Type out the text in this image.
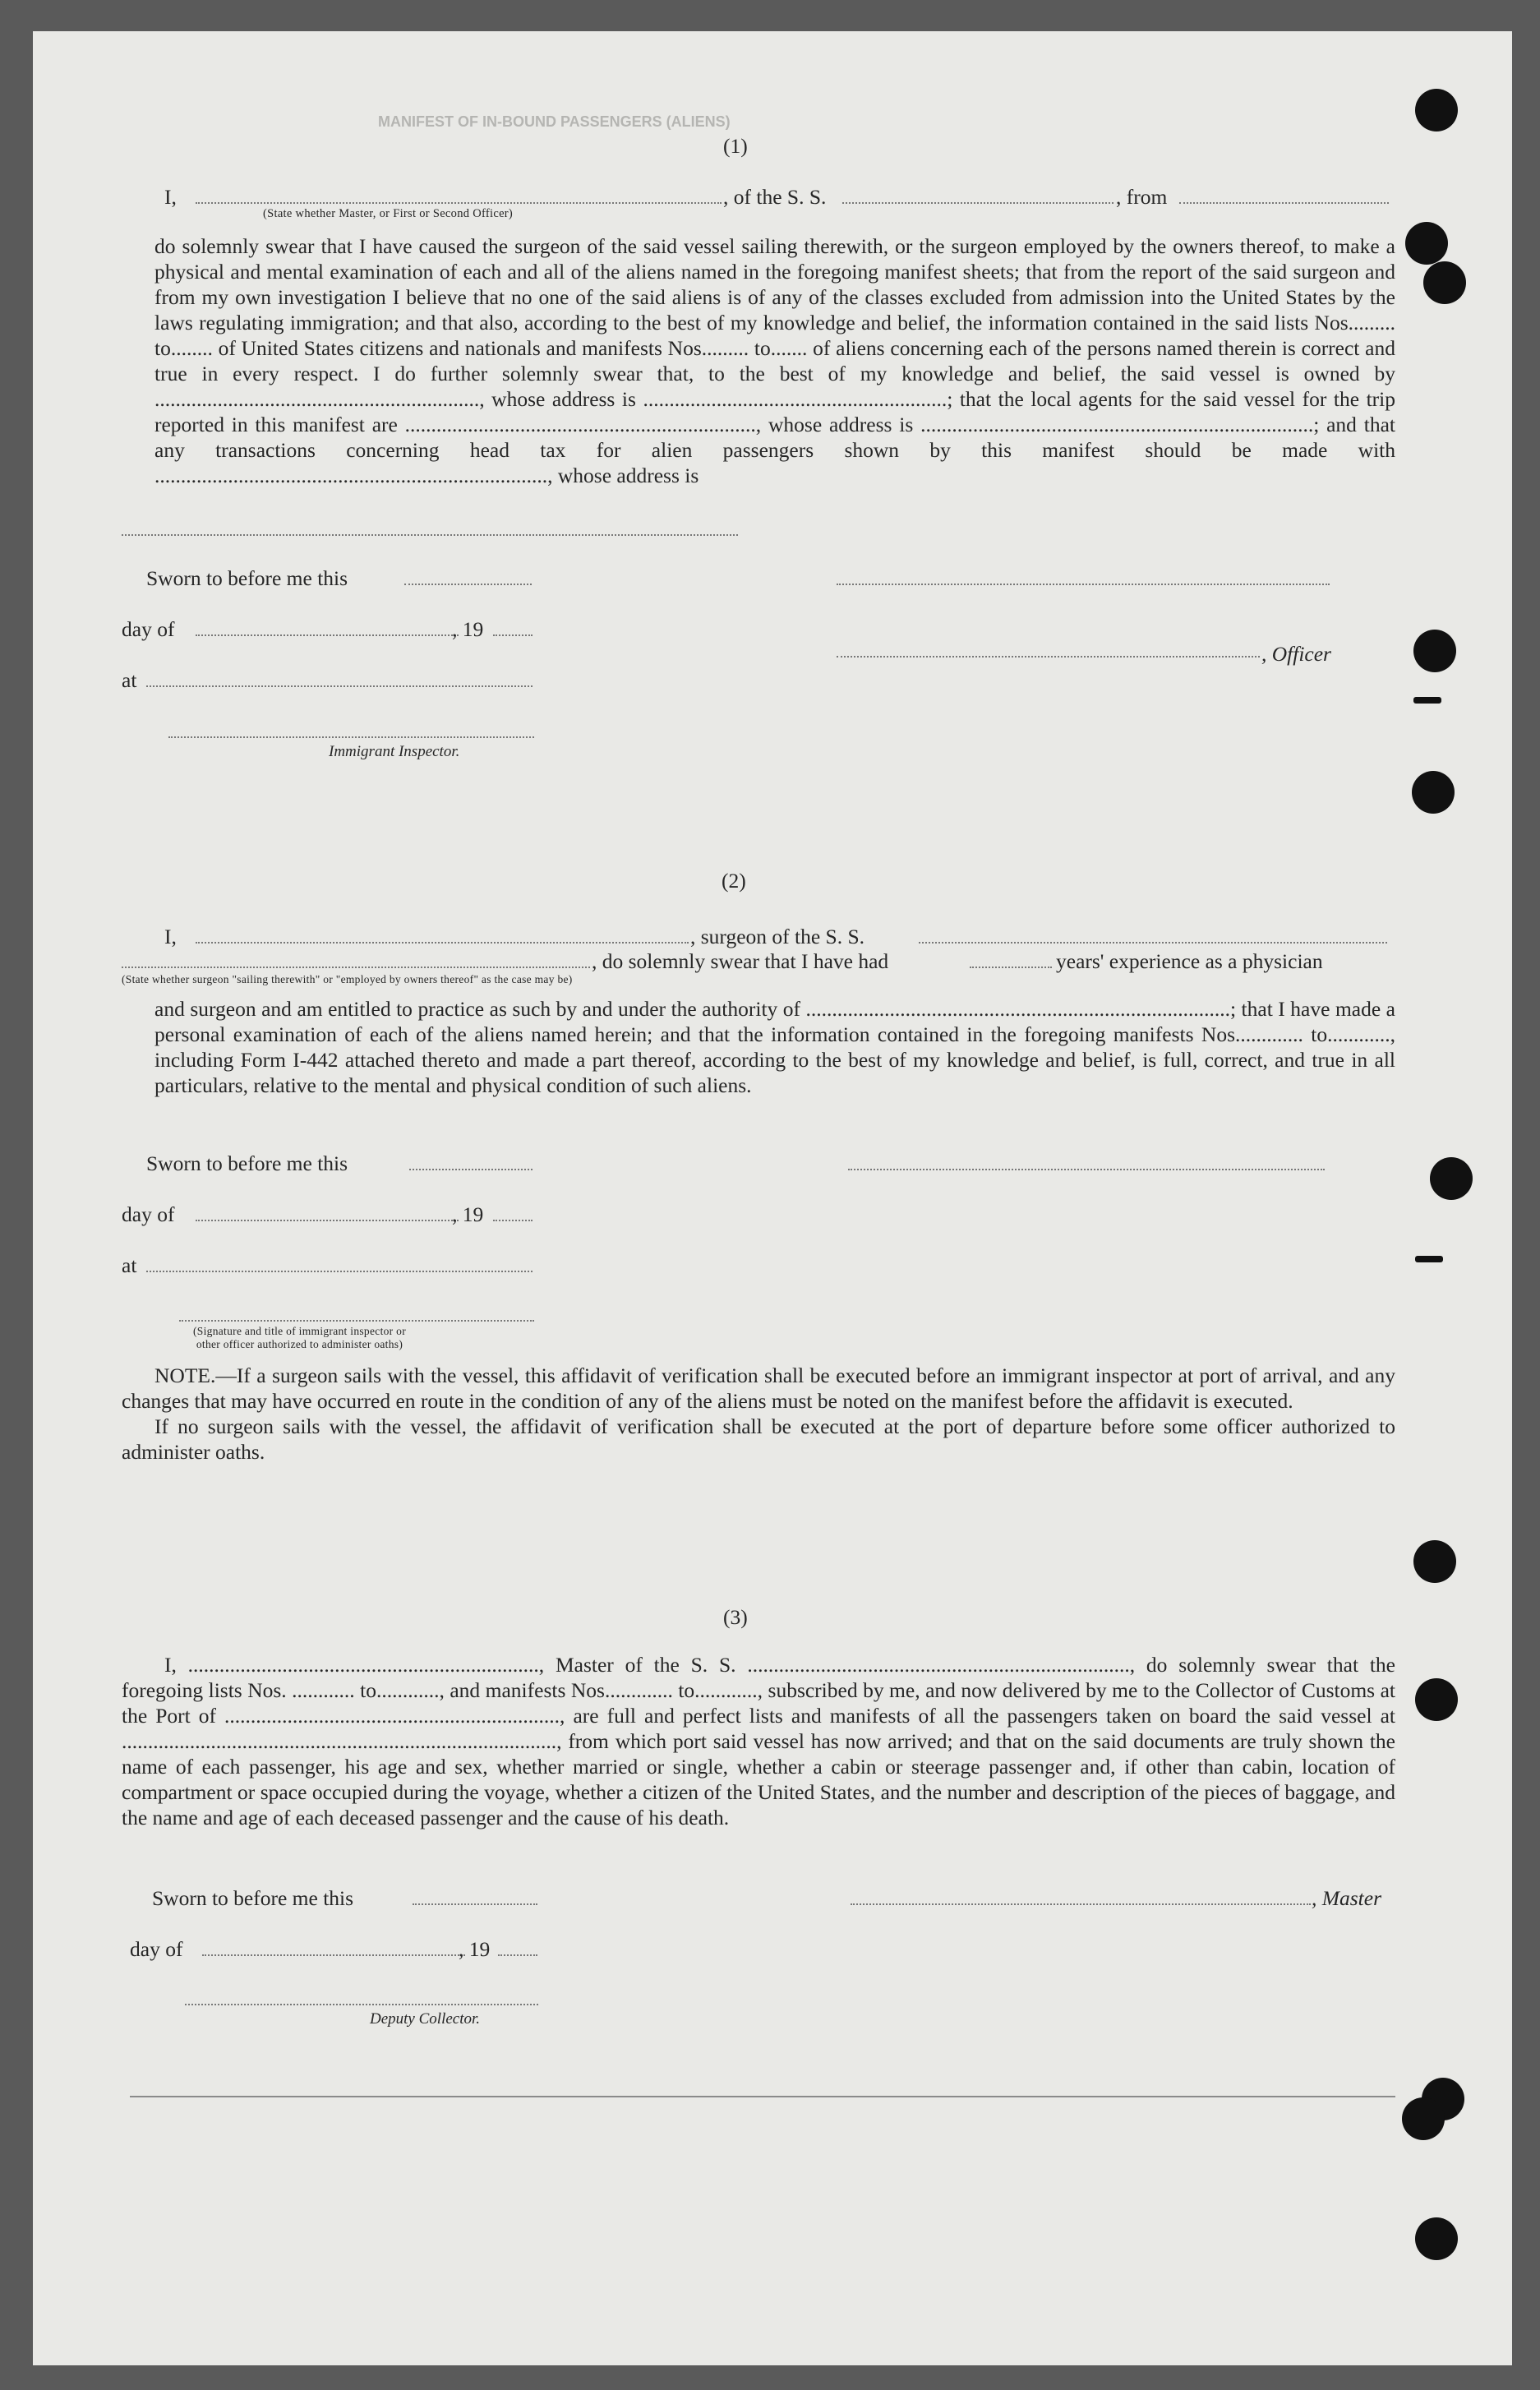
MANIFEST OF IN-BOUND PASSENGERS (ALIENS)
(1)
I,	, of the S. S.	, from
(State whether Master, or First or Second Officer)

do solemnly swear that I have caused the surgeon of the said vessel sailing therewith, or the surgeon employed by the owners thereof, to make a physical and mental examination of each and all of the aliens named in the foregoing manifest sheets; that from the report of the said surgeon and from my own investigation I believe that no one of the said aliens is of any of the classes excluded from admission into the United States by the laws regulating immigration; and that also, according to the best of my knowledge and belief, the information contained in the said lists Nos......... to........ of United States citizens and nationals and manifests Nos......... to....... of aliens concerning each of the persons named therein is correct and true in every respect. I do further solemnly swear that, to the best of my knowledge and belief, the said vessel is owned by .............................................................., whose address is ..........................................................; that the local agents for the said vessel for the trip reported in this manifest are ..................................................................., whose address is ...........................................................................; and that any transactions concerning head tax for alien passengers shown by this manifest should be made with ..........................................................................., whose address is

Sworn to before me this
day of	, 19
, Officer
at
Immigrant Inspector.
(2)
I,	, surgeon of the S. S.
, do solemnly swear that I have had	years' experience as a physician
(State whether surgeon "sailing therewith" or "employed by owners thereof" as the case may be)

and surgeon and am entitled to practice as such by and under the authority of .................................................................................; that I have made a personal examination of each of the aliens named herein; and that the information contained in the foregoing manifests Nos............. to............, including Form I-442 attached thereto and made a part thereof, according to the best of my knowledge and belief, is full, correct, and true in all particulars, relative to the mental and physical condition of such aliens.

Sworn to before me this
day of	, 19
at
(Signature and title of immigrant inspector or
other officer authorized to administer oaths)

NOTE.—If a surgeon sails with the vessel, this affidavit of verification shall be executed before an immigrant inspector at port of arrival, and any changes that may have occurred en route in the condition of any of the aliens must be noted on the manifest before the affidavit is executed.

If no surgeon sails with the vessel, the affidavit of verification shall be executed at the port of departure before some officer authorized to administer oaths.

(3)

I, ..................................................................., Master of the S. S. ........................................................................., do solemnly swear that the foregoing lists Nos. ............ to............, and manifests Nos............. to............, subscribed by me, and now delivered by me to the Collector of Customs at the Port of ................................................................, are full and perfect lists and manifests of all the passengers taken on board the said vessel at ..................................................................................., from which port said vessel has now arrived; and that on the said documents are truly shown the name of each passenger, his age and sex, whether married or single, whether a cabin or steerage passenger and, if other than cabin, location of compartment or space occupied during the voyage, whether a citizen of the United States, and the number and description of the pieces of baggage, and the name and age of each deceased passenger and the cause of his death.

Sworn to before me this	, Master
day of	, 19
Deputy Collector.
